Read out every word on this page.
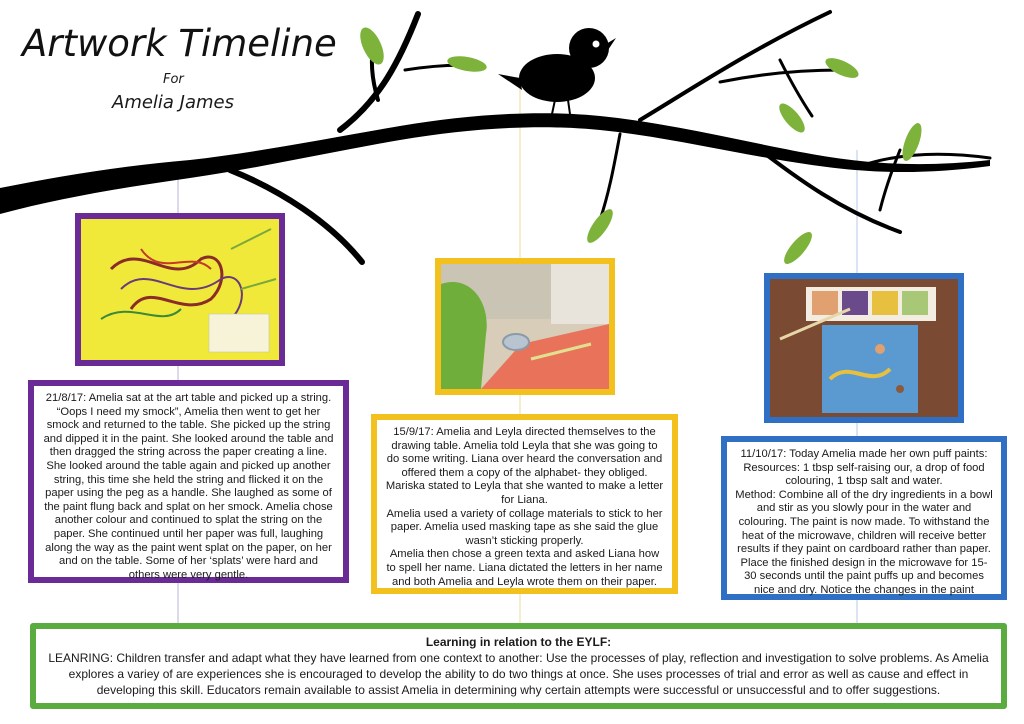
Artwork Timeline
For
Amelia James

21/8/17: Amelia sat at the art table and picked up a string.

“Oops I need my smock”, Amelia then went to get her smock and returned to the table. She picked up the string and dipped it in the paint. She looked around the table and then dragged the string across the paper creating a line. She looked around the table again and picked up another string, this time she held the string and flicked it on the paper using the peg as a handle. She laughed as some of the paint flung back and splat on her smock. Amelia chose another colour and continued to splat the string on the paper. She continued until her paper was full, laughing along the way as the paint went splat on the paper, on her and on the table. Some of her ‘splats’ were hard and others were very gentle.

15/9/17: Amelia and Leyla directed themselves to the drawing table. Amelia told Leyla that she was going to do some writing. Liana over heard the conversation and offered them a copy of the alphabet- they obliged.

Mariska stated to Leyla that she wanted to make a letter for Liana.

Amelia used a variety of collage materials to stick to her paper. Amelia used masking tape as she said the glue wasn’t sticking properly.

Amelia then chose a green texta and asked Liana how to spell her name. Liana dictated the letters in her name and both Amelia and Leyla wrote them on their paper.

11/10/17: Today Amelia made her own puff paints:

Resources: 1 tbsp self-raising our, a drop of food colouring, 1 tbsp salt and water.

Method: Combine all of the dry ingredients in a bowl and stir as you slowly pour in the water and colouring. The paint is now made. To withstand the heat of the microwave, children will receive better results if they paint on cardboard rather than paper. Place the finished design in the microwave for 15-30 seconds until the paint puffs up and becomes nice and dry. Notice the changes in the paint

Learning in relation to the EYLF:
LEANRING: Children transfer and adapt what they have learned from one context to another: Use the processes of play, reflection and investigation to solve problems. As Amelia explores a variey of are experiences she is encouraged to develop the ability to do two things at once. She uses processes of trial and error as well as cause and effect in developing this skill. Educators remain available to assist Amelia in determining why certain attempts were successful or unsuccessful and to offer suggestions.
